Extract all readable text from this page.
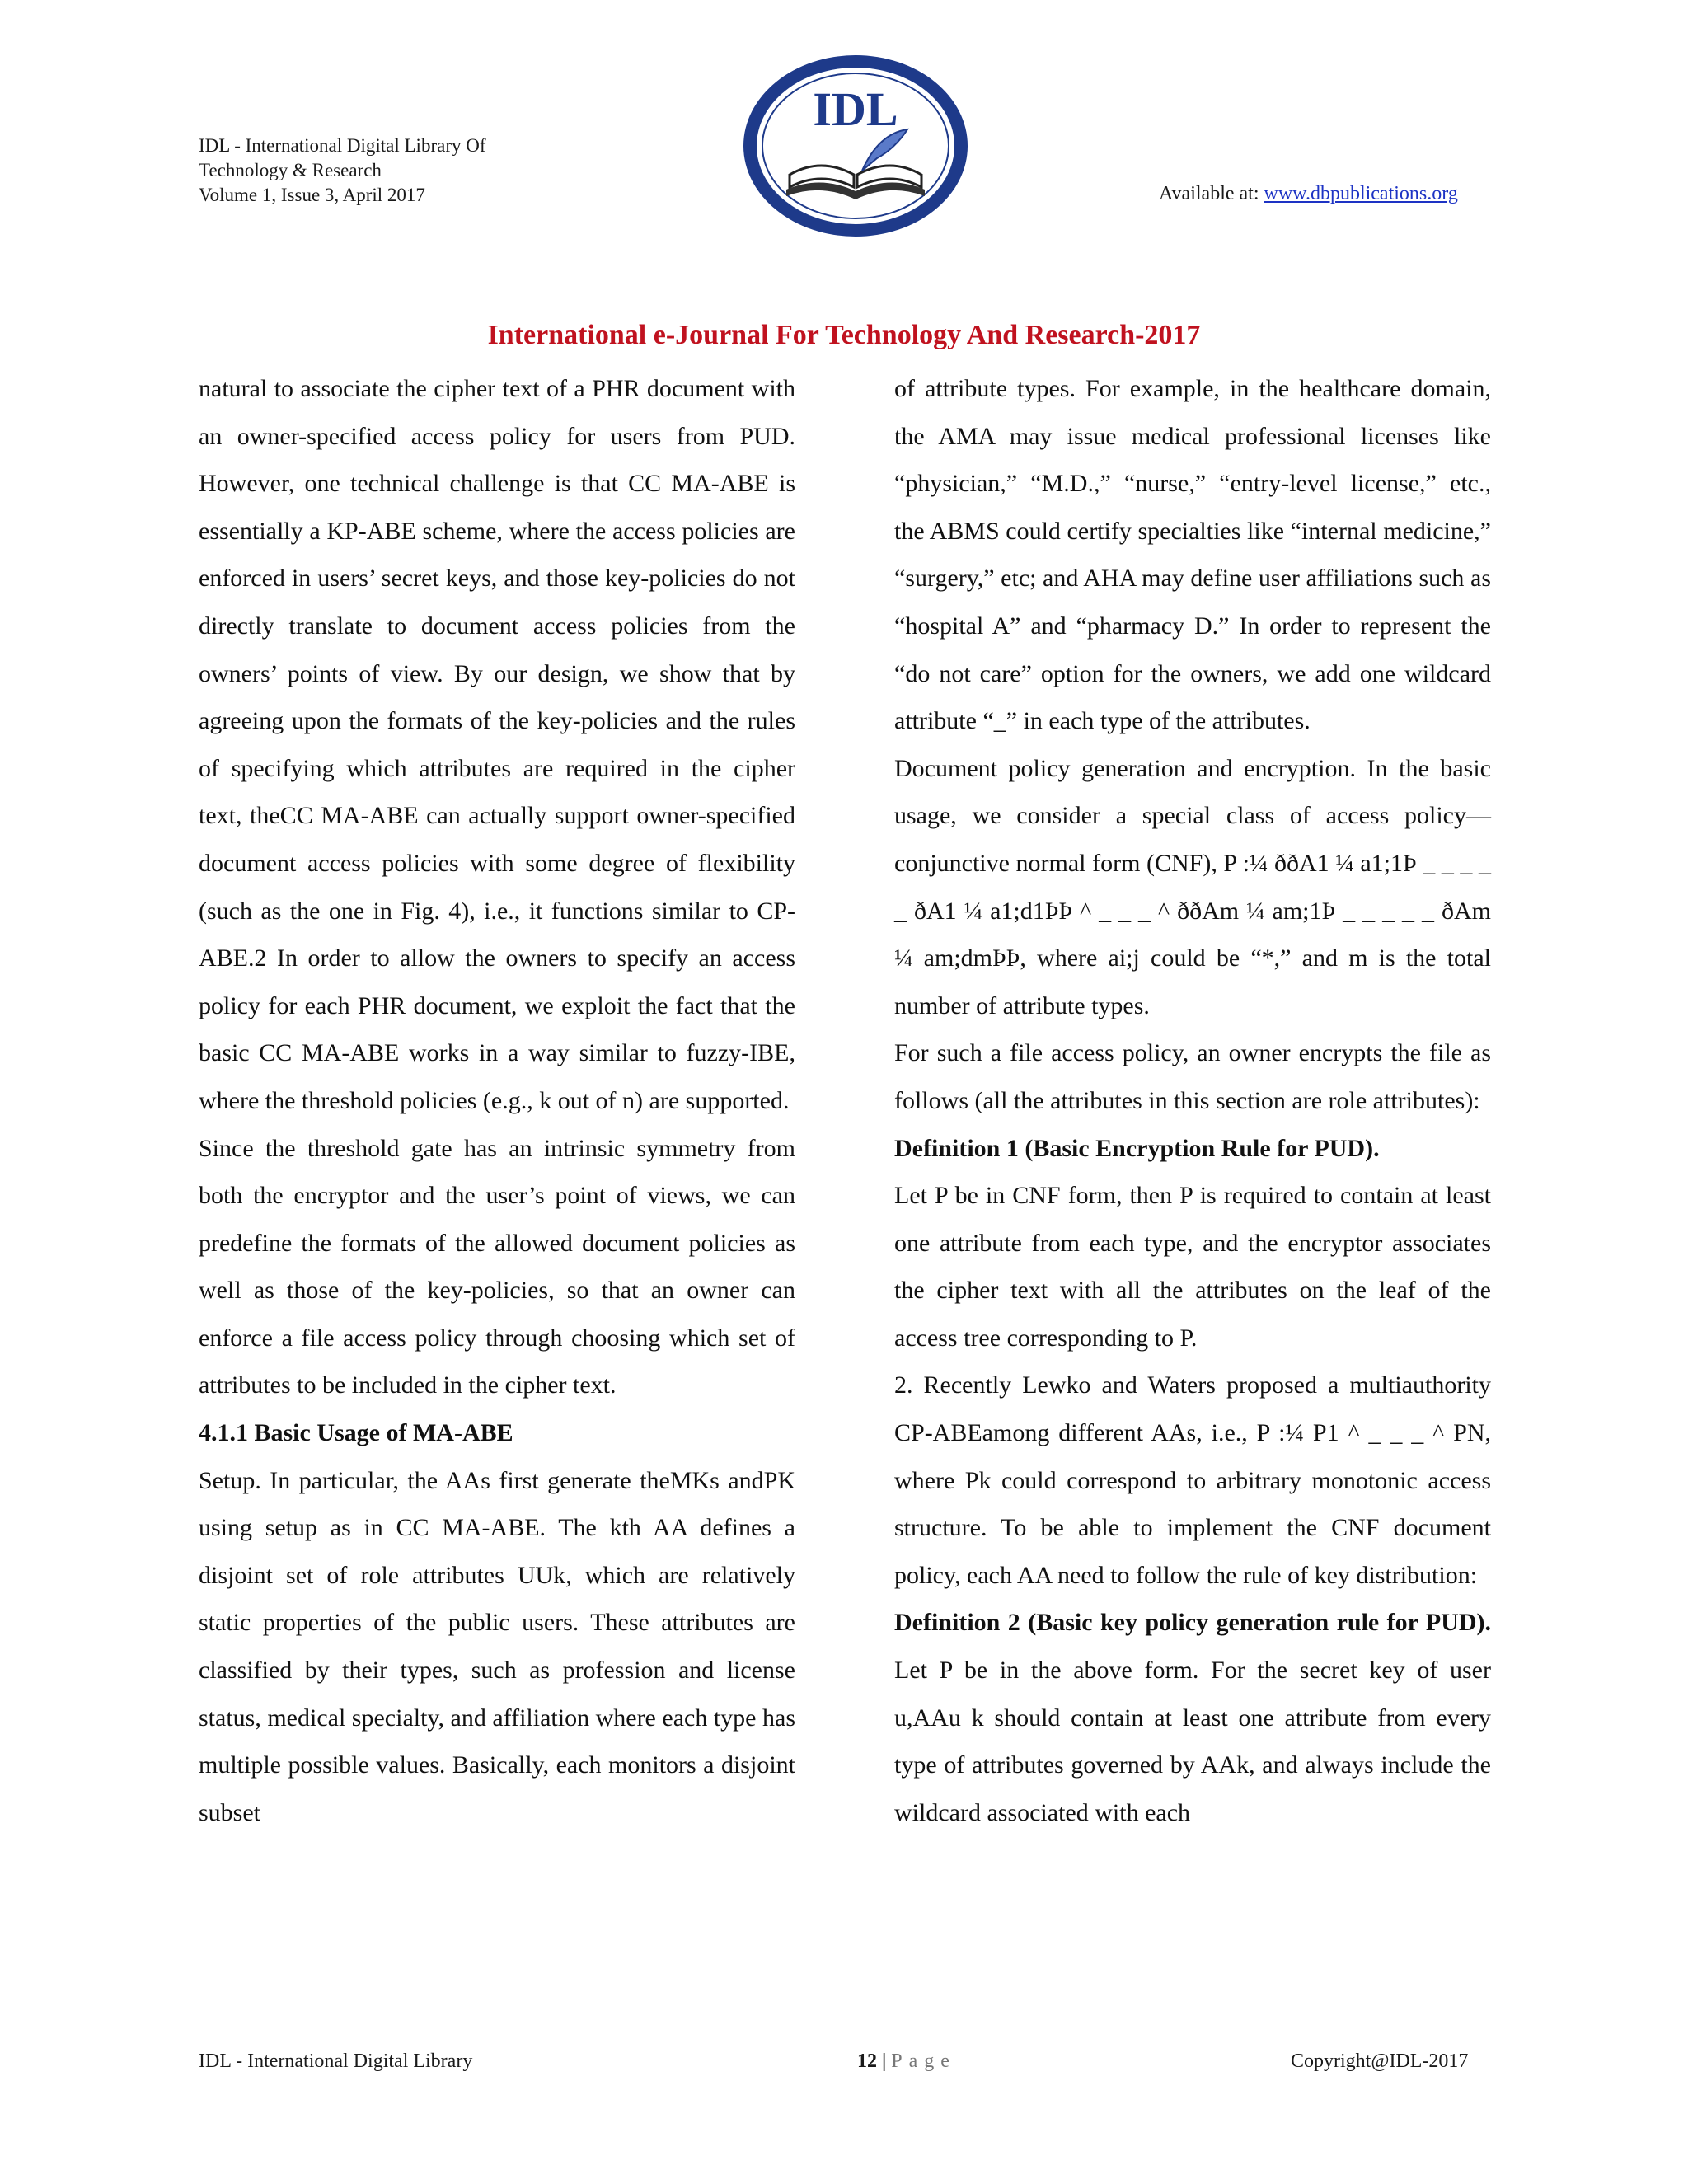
IDL - International Digital Library Of
Technology & Research
Volume 1, Issue 3, April 2017
IDL
Available at: www.dbpublications.org
International e-Journal For Technology And Research-2017

natural to associate the cipher text of a PHR document with an owner-specified access policy for users from PUD. However, one technical challenge is that CC MA-ABE is essentially a KP-ABE scheme, where the access policies are enforced in users’ secret keys, and those key-policies do not directly translate to document access policies from the owners’ points of view. By our design, we show that by agreeing upon the formats of the key-policies and the rules of specifying which attributes are required in the cipher text, theCC MA-ABE can actually support owner-specified document access policies with some degree of flexibility (such as the one in Fig. 4), i.e., it functions similar to CP-ABE.2 In order to allow the owners to specify an access policy for each PHR document, we exploit the fact that the basic CC MA-ABE works in a way similar to fuzzy-IBE, where the threshold policies (e.g., k out of n) are supported.

Since the threshold gate has an intrinsic symmetry from both the encryptor and the user’s point of views, we can predefine the formats of the allowed document policies as well as those of the key-policies, so that an owner can enforce a file access policy through choosing which set of attributes to be included in the cipher text.

4.1.1 Basic Usage of MA-ABE

Setup. In particular, the AAs first generate theMKs andPK using setup as in CC MA-ABE. The kth AA defines a disjoint set of role attributes UUk, which are relatively static properties of the public users. These attributes are classified by their types, such as profession and license status, medical specialty, and affiliation where each type has multiple possible values. Basically, each monitors a disjoint subset

of attribute types. For example, in the healthcare domain, the AMA may issue medical professional licenses like “physician,” “M.D.,” “nurse,” “entry-level license,” etc., the ABMS could certify specialties like “internal medicine,” “surgery,” etc; and AHA may define user affiliations such as “hospital A” and “pharmacy D.” In order to represent the “do not care” option for the owners, we add one wildcard attribute “_” in each type of the attributes.

Document policy generation and encryption. In the basic usage, we consider a special class of access policy—conjunctive normal form (CNF), P :¼ ððA1 ¼ a1;1Þ _ _ _ _ _ ðA1 ¼ a1;d1ÞÞ ^ _ _ _ ^ ððAm ¼ am;1Þ _ _ _ _ _ ðAm ¼ am;dmÞÞ, where ai;j could be “*,” and m is the total number of attribute types.

For such a file access policy, an owner encrypts the file as follows (all the attributes in this section are role attributes):

Definition 1 (Basic Encryption Rule for PUD).

Let P be in CNF form, then P is required to contain at least one attribute from each type, and the encryptor associates the cipher text with all the attributes on the leaf of the access tree corresponding to P.

2. Recently Lewko and Waters proposed a multiauthority CP-ABEamong different AAs, i.e., P :¼ P1 ^ _ _ _ ^ PN, where Pk could correspond to arbitrary monotonic access structure. To be able to implement the CNF document policy, each AA need to follow the rule of key distribution:

Definition 2 (Basic key policy generation rule for PUD). Let P be in the above form. For the secret key of user u,AAu k should contain at least one attribute from every type of attributes governed by AAk, and always include the wildcard associated with each

IDL - International Digital Library	12 | Page	Copyright@IDL-2017
